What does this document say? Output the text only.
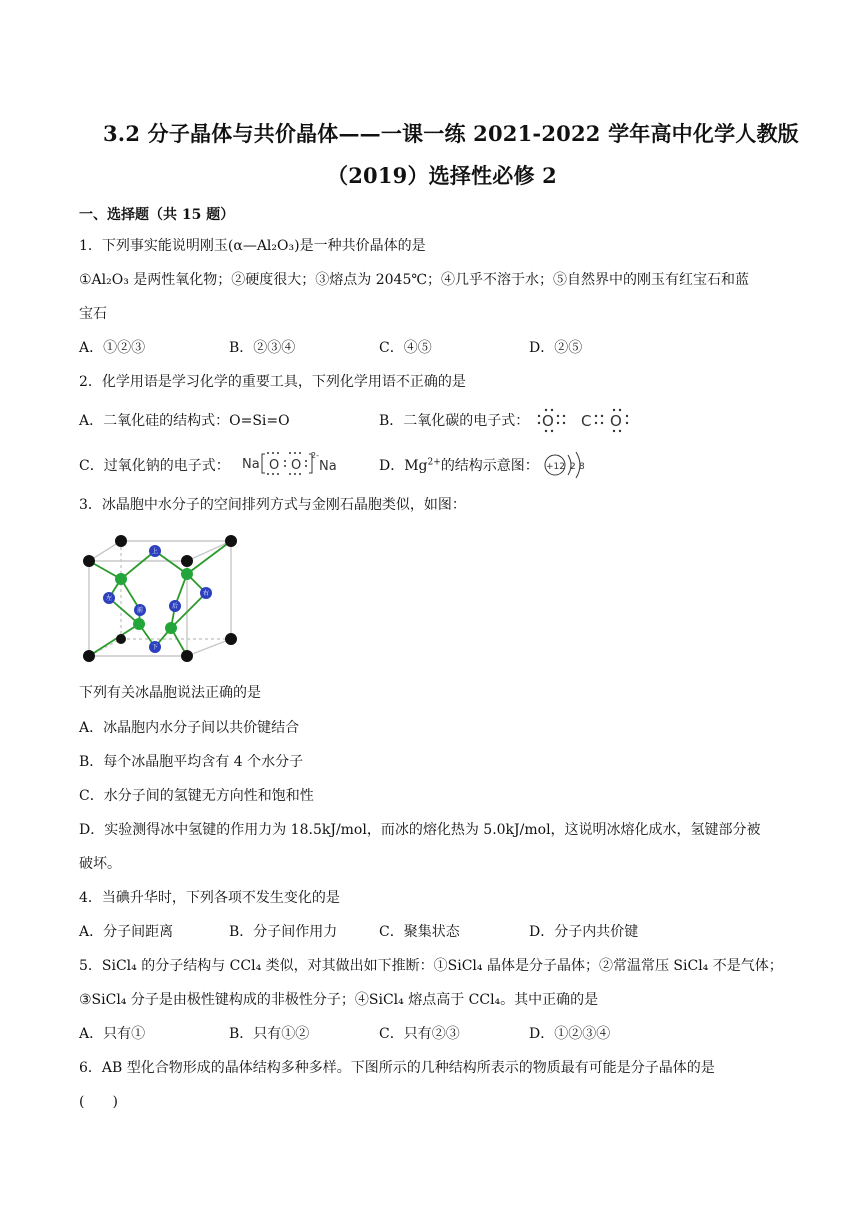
3.2 分子晶体与共价晶体——一课一练 2021-2022 学年高中化学人教版
（2019）选择性必修 2
一、选择题（共 15 题）
1．下列事实能说明刚玉(α—Al₂O₃)是一种共价晶体的是
①Al₂O₃ 是两性氧化物；②硬度很大；③熔点为 2045℃；④几乎不溶于水；⑤自然界中的刚玉有红宝石和蓝
宝石
A．①②③	B．②③④	C．④⑤	D．②⑤
2．化学用语是学习化学的重要工具，下列化学用语不正确的是
A．二氧化硅的结构式：O=Si=O	B．二氧化碳的电子式： O C O
C．过氧化钠的电子式： Na O O Na
2-
D．$Mg^{2+}$的结构示意图： +12 2 8
3．冰晶胞中水分子的空间排列方式与金刚石晶胞类似，如图：
上
左
前
后
右
下
下列有关冰晶胞说法正确的是
A．冰晶胞内水分子间以共价键结合
B．每个冰晶胞平均含有 4 个水分子
C．水分子间的氢键无方向性和饱和性
D．实验测得冰中氢键的作用力为 18.5kJ/mol，而冰的熔化热为 5.0kJ/mol，这说明冰熔化成水，氢键部分被
破坏。
4．当碘升华时，下列各项不发生变化的是
A．分子间距离	B．分子间作用力	C．聚集状态	D．分子内共价键
5．SiCl₄ 的分子结构与 CCl₄ 类似，对其做出如下推断：①SiCl₄ 晶体是分子晶体；②常温常压 SiCl₄ 不是气体；
③SiCl₄ 分子是由极性键构成的非极性分子；④SiCl₄ 熔点高于 CCl₄。其中正确的是
A．只有①	B．只有①②	C．只有②③	D．①②③④
6．AB 型化合物形成的晶体结构多种多样。下图所示的几种结构所表示的物质最有可能是分子晶体的是
(　　)
